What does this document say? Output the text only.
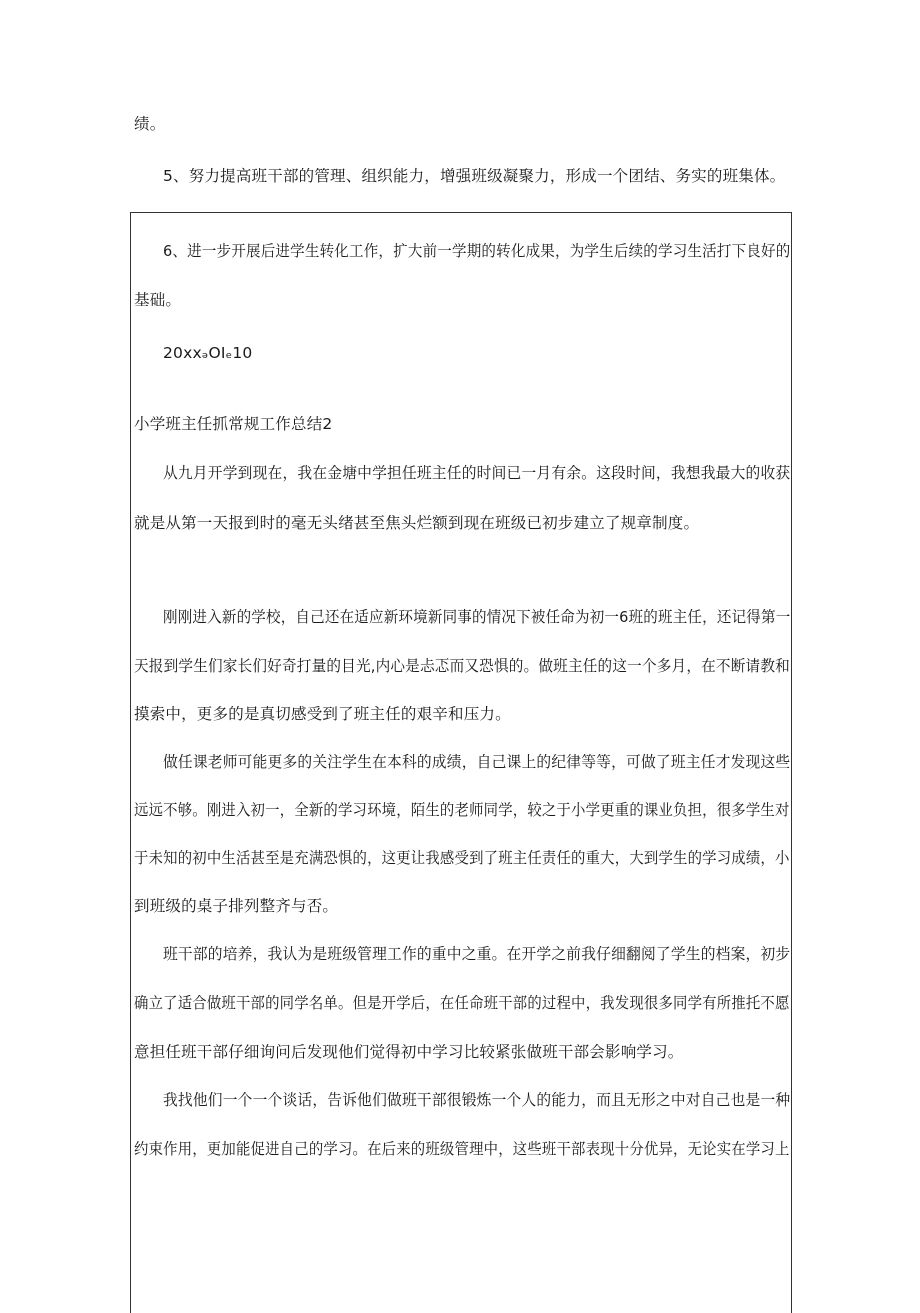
绩。
5、努力提高班干部的管理、组织能力，增强班级凝聚力，形成一个团结、务实的班集体。
6、进一步开展后进学生转化工作，扩大前一学期的转化成果，为学生后续的学习生活打下良好的
基础。
20xxₔOIₑ10
小学班主任抓常规工作总结2
从九月开学到现在，我在金塘中学担任班主任的时间已一月有余。这段时间，我想我最大的收获
就是从第一天报到时的毫无头绪甚至焦头烂额到现在班级已初步建立了规章制度。
刚刚进入新的学校，自己还在适应新环境新同事的情况下被任命为初一6班的班主任，还记得第一
天报到学生们家长们好奇打量的目光,内心是忐忑而又恐惧的。做班主任的这一个多月，在不断请教和
摸索中，更多的是真切感受到了班主任的艰辛和压力。
做任课老师可能更多的关注学生在本科的成绩，自己课上的纪律等等，可做了班主任才发现这些
远远不够。刚进入初一，全新的学习环境，陌生的老师同学，较之于小学更重的课业负担，很多学生对
于未知的初中生活甚至是充满恐惧的，这更让我感受到了班主任责任的重大，大到学生的学习成绩，小
到班级的桌子排列整齐与否。
班干部的培养，我认为是班级管理工作的重中之重。在开学之前我仔细翻阅了学生的档案，初步
确立了适合做班干部的同学名单。但是开学后，在任命班干部的过程中，我发现很多同学有所推托不愿
意担任班干部仔细询问后发现他们觉得初中学习比较紧张做班干部会影响学习。
我找他们一个一个谈话，告诉他们做班干部很锻炼一个人的能力，而且无形之中对自己也是一种
约束作用，更加能促进自己的学习。在后来的班级管理中，这些班干部表现十分优异，无论实在学习上
